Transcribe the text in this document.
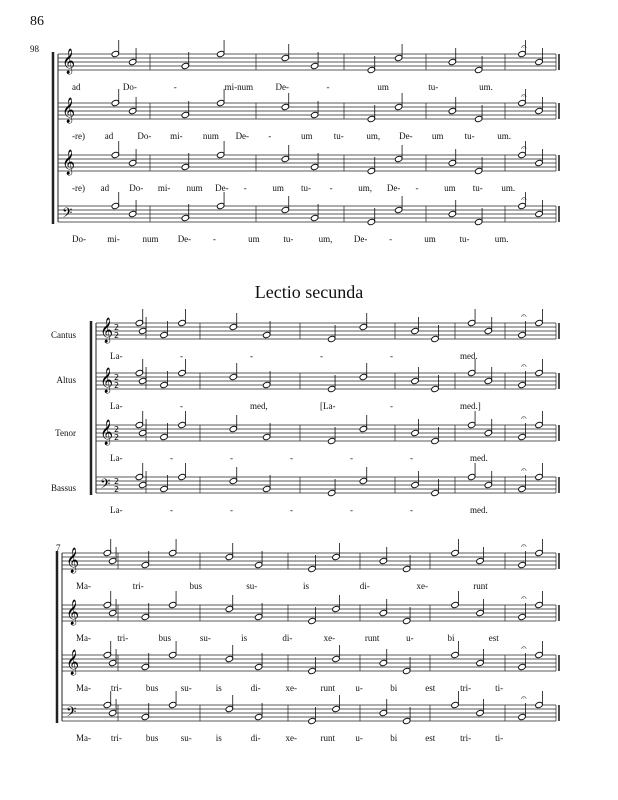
86
Lectio secunda
98
7
Cantus
Altus
Tenor
Bassus
𝄞
𝄞
𝄞
𝄢
𝄞 2
2
𝄞 2
2
𝄞 2
2
𝄢 2
2
𝄞
𝄞
𝄞
𝄢
𝄐
𝄐
𝄐
𝄐
𝄐
𝄐
𝄐
𝄐
𝄐
𝄐
𝄐
𝄐
ad	Do-	-	mi-num De-	-	um	tu-	um.
-re) ad	Do- mi- num De- -	um tu-	um, De- um tu-	um.
-re) ad Do- mi- num De- -	um tu- -	um, De- -	um tu- um.
Do- mi-	num De- -	um	tu-	um, De- -	um	tu-	um.
La-	-	-	-	-	med.
La-	-	med,	[La-	-	med.]
La-	-	-	-	-	-	med.
La-	-	-	-	-	-	med.
Ma-	tri-	bus	su-	is	di-	xe-	runt
Ma-	tri-	bus	su-	is	di-	xe-	runt	u-	bi	est
Ma- tri-	bus su-	is	di-	xe-	runt u-	bi	est	tri-	ti-
Ma- tri-	bus su-	is	di-	xe-	runt u-	bi	est	tri-	ti-
